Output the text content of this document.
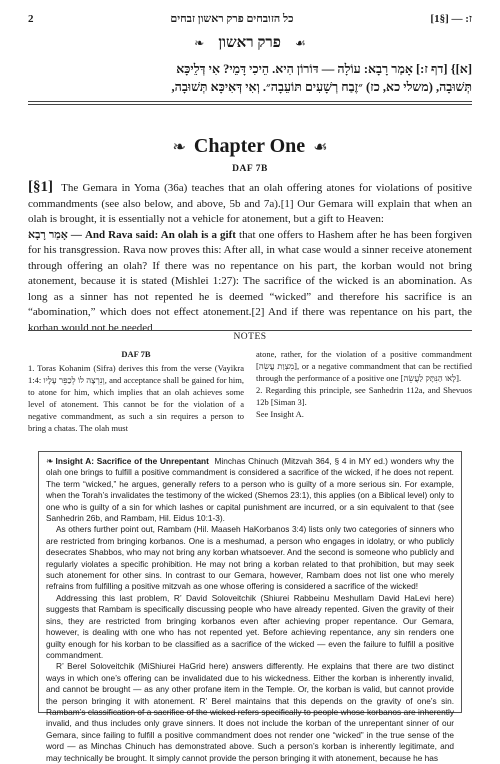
2	כל הזובחים פרק ראשון זבחים	ז: — [§1]
❧ פרק ראשון ☙
[א]} [דף ז:] אָמַר רָבָא: עוֹלָה — דּוֹרוֹן הִיא. הֵיכִי דָּמֵי? אִי דְּלֵיכָּא
תְּשׁוּבָה, (משלי כא, כז) ״זֶבַח רְשָׁעִים תּוֹעֵבָה״. וְאִי דְּאִיכָּא תְּשׁוּבָה,
❧ Chapter One ☙
DAF 7B
[§1] The Gemara in Yoma (36a) teaches that an olah offering atones for violations of positive commandments (see also below, and above, 5b and 7a).[1] Our Gemara will explain that when an olah is brought, it is essentially not a vehicle for atonement, but a gift to Heaven:
אָמַר רָבָא — And Rava said: An olah is a gift that one offers to Hashem after he has been forgiven for his transgression. Rava now proves this: After all, in what case would a sinner receive atonement through offering an olah? If there was no repentance on his part, the korban would not bring atonement, because it is stated (Mishlei 1:27): The sacrifice of the wicked is an abomination. As long as a sinner has not repented he is deemed “wicked” and therefore his sacrifice is an “abomination,” which does not effect atonement.[2] And if there was repentance on his part, the korban would not be needed
NOTES
DAF 7B
1. Toras Kohanim (Sifra) derives this from the verse (Vayikra 1:4: וְנִרְצָה לוֹ לְכַפֵּר עָלָיו, and acceptance shall be gained for him, to atone for him, which implies that an olah achieves some level of atonement. This cannot be for the violation of a negative commandment, as such a sin requires a person to bring a chatas. The olah must
atone, rather, for the violation of a positive commandment [מִצְוַת עֲשֵׂה], or a negative commandment that can be rectified through the performance of a positive one [לָאו הַנִּתָּק לַעֲשֵׂה].
2. Regarding this principle, see Sanhedrin 112a, and Shevuos 12b [Siman 3].
See Insight A.

❧ Insight A: Sacrifice of the Unrepentant Minchas Chinuch (Mitzvah 364, § 4 in MY ed.) wonders why the olah one brings to fulfill a positive commandment is considered a sacrifice of the wicked, if he does not repent. The term “wicked,” he argues, generally refers to a person who is guilty of a more serious sin. For example, when the Torah’s invalidates the testimony of the wicked (Shemos 23:1), this applies (on a Biblical level) only to one who is guilty of a sin for which lashes or capital punishment are incurred, or a sin equivalent to that (see Sanhedrin 26b, and Rambam, Hil. Eidus 10:1-3).

As others further point out, Rambam (Hil. Maaseh HaKorbanos 3:4) lists only two categories of sinners who are restricted from bringing korbanos. One is a meshumad, a person who engages in idolatry, or who publicly desecrates Shabbos, who may not bring any korban whatsoever. And the second is someone who publicly and regularly violates a specific prohibition. He may not bring a korban related to that prohibition, but may seek such atonement for other sins. In contrast to our Gemara, however, Rambam does not list one who merely refrains from fulfilling a positive mitzvah as one whose offering is considered a sacrifice of the wicked!

Addressing this last problem, R’ David Soloveitchik (Shiurei Rabbeinu Meshullam David HaLevi here) suggests that Rambam is specifically discussing people who have already repented. Given the gravity of their sins, they are restricted from bringing korbanos even after achieving proper repentance. Our Gemara, however, is dealing with one who has not repented yet. Before achieving repentance, any sin renders one guilty enough for his korban to be classified as a sacrifice of the wicked — even the failure to fulfill a positive commandment.

R’ Berel Soloveitchik (MiShiurei HaGrid here) answers differently. He explains that there are two distinct ways in which one’s offering can be invalidated due to his wickedness. Either the korban is inherently invalid, and cannot be brought — as any other profane item in the Temple. Or, the korban is valid, but cannot provide the person bringing it with atonement. R’ Berel maintains that this depends on the gravity of one’s sin. Rambam’s classification of a sacrifice of the wicked refers specifically to people whose korbanos are inherently invalid, and thus includes only grave sinners. It does not include the korban of the unrepentant sinner of our Gemara, since failing to fulfill a positive commandment does not render one “wicked” in the true sense of the word — as Minchas Chinuch has demonstrated above. Such a person’s korban is inherently legitimate, and may technically be brought. It simply cannot provide the person bringing it with atonement, because he has
